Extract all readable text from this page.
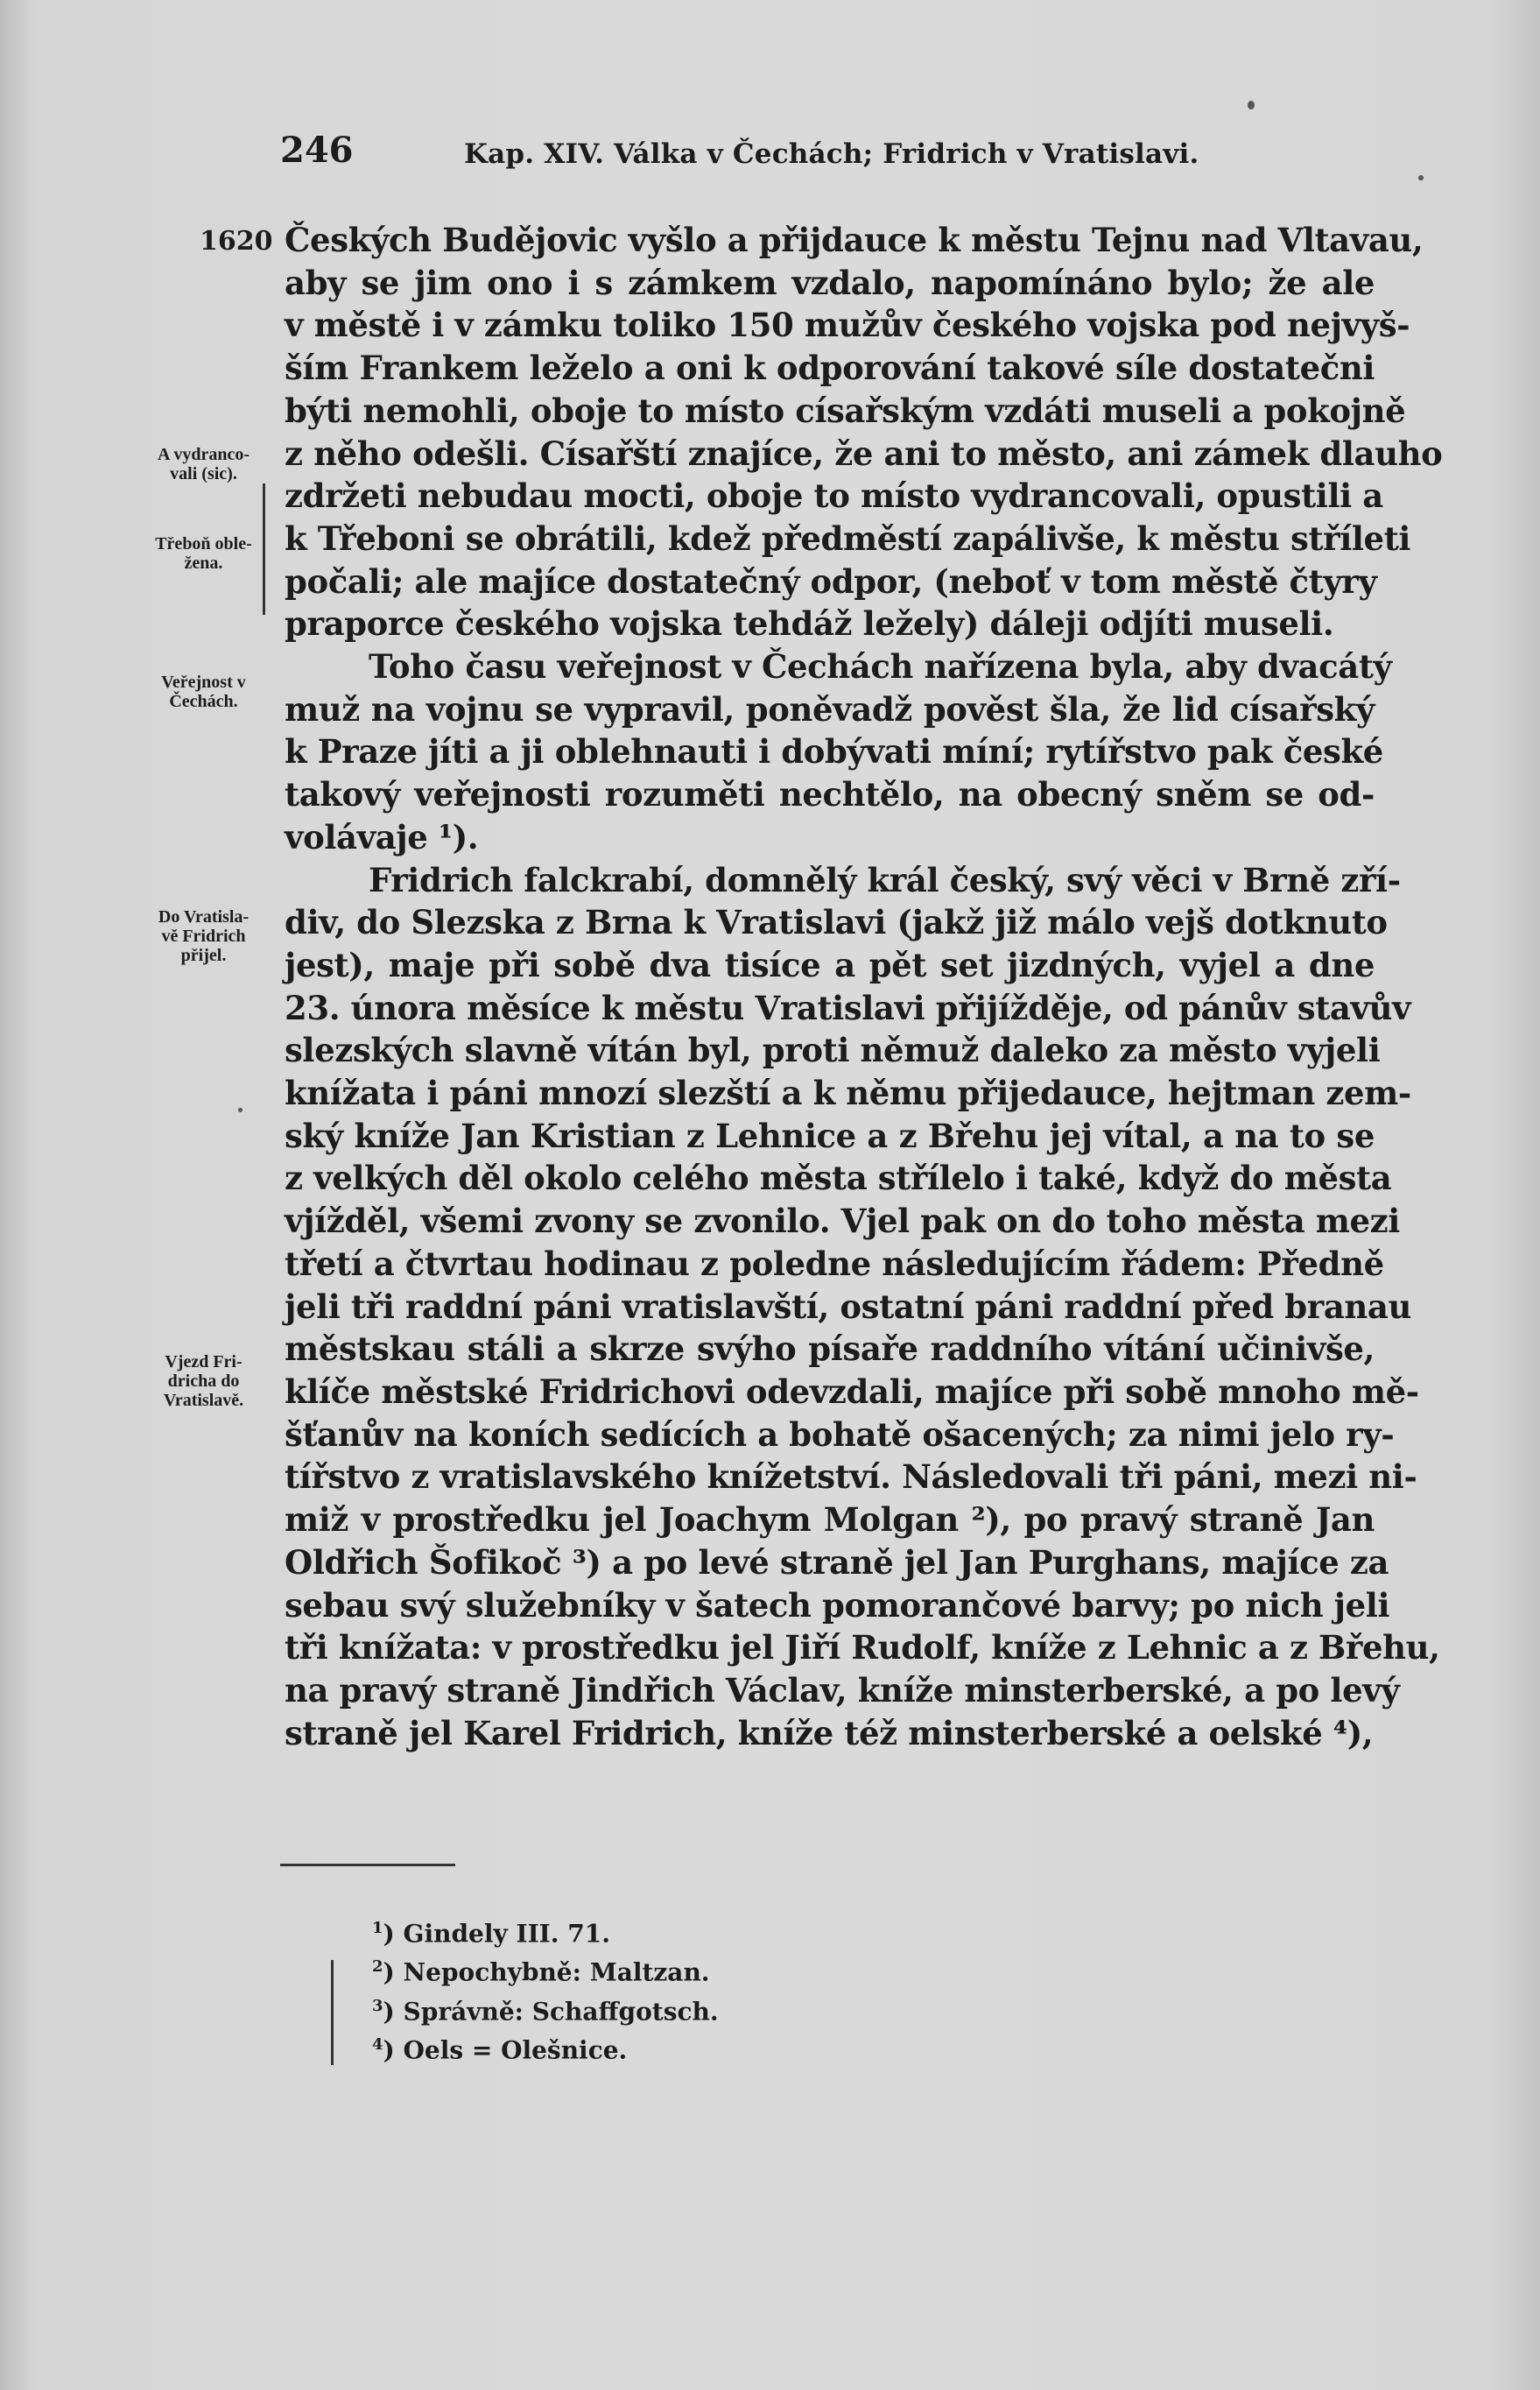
246	Kap. XIV. Válka v Čechách; Fridrich v Vratislavi.
1620
A vydranco-
vali (sic).
Třeboň oble-
žena.
Veřejnost v
Čechách.
Do Vratisla-
vě Fridrich
přijel.
Vjezd Fri-
dricha do
Vratislavě.
Českých Budějovic vyšlo a přijdauce k městu Tejnu nad Vltavau,
aby se jim ono i s zámkem vzdalo, napomínáno bylo; že ale
v městě i v zámku toliko 150 mužův českého vojska pod nejvyš-
ším Frankem leželo a oni k odporování takové síle dostatečni
býti nemohli, oboje to místo císařským vzdáti museli a pokojně
z něho odešli. Císařští znajíce, že ani to město, ani zámek dlauho
zdržeti nebudau mocti, oboje to místo vydrancovali, opustili a
k Třeboni se obrátili, kdež předměstí zapálivše, k městu stříleti
počali; ale majíce dostatečný odpor, (neboť v tom městě čtyry
praporce českého vojska tehdáž ležely) dáleji odjíti museli.
Toho času veřejnost v Čechách nařízena byla, aby dvacátý
muž na vojnu se vypravil, poněvadž pověst šla, že lid císařský
k Praze jíti a ji oblehnauti i dobývati míní; rytířstvo pak české
takový veřejnosti rozuměti nechtělo, na obecný sněm se od-
volávaje ¹).
Fridrich falckrabí, domnělý král český, svý věci v Brně zří-
div, do Slezska z Brna k Vratislavi (jakž již málo vejš dotknuto
jest), maje při sobě dva tisíce a pět set jizdných, vyjel a dne
23. února měsíce k městu Vratislavi přijížděje, od pánův stavův
slezských slavně vítán byl, proti němuž daleko za město vyjeli
knížata i páni mnozí slezští a k němu přijedauce, hejtman zem-
ský kníže Jan Kristian z Lehnice a z Břehu jej vítal, a na to se
z velkých děl okolo celého města střílelo i také, když do města
vjížděl, všemi zvony se zvonilo. Vjel pak on do toho města mezi
třetí a čtvrtau hodinau z poledne následujícím řádem: Předně
jeli tři raddní páni vratislavští, ostatní páni raddní před branau
městskau stáli a skrze svýho písaře raddního vítání učinivše,
klíče městské Fridrichovi odevzdali, majíce při sobě mnoho mě-
šťanův na koních sedících a bohatě ošacených; za nimi jelo ry-
tířstvo z vratislavského knížetství. Následovali tři páni, mezi ni-
miž v prostředku jel Joachym Molgan ²), po pravý straně Jan
Oldřich Šofikoč ³) a po levé straně jel Jan Purghans, majíce za
sebau svý služebníky v šatech pomorančové barvy; po nich jeli
tři knížata: v prostředku jel Jiří Rudolf, kníže z Lehnic a z Břehu,
na pravý straně Jindřich Václav, kníže minsterberské, a po levý
straně jel Karel Fridrich, kníže též minsterberské a oelské ⁴),
$^1$) Gindely III. 71.
$^2$) Nepochybně: Maltzan.
$^3$) Správně: Schaffgotsch.
$^4$) Oels = Olešnice.
